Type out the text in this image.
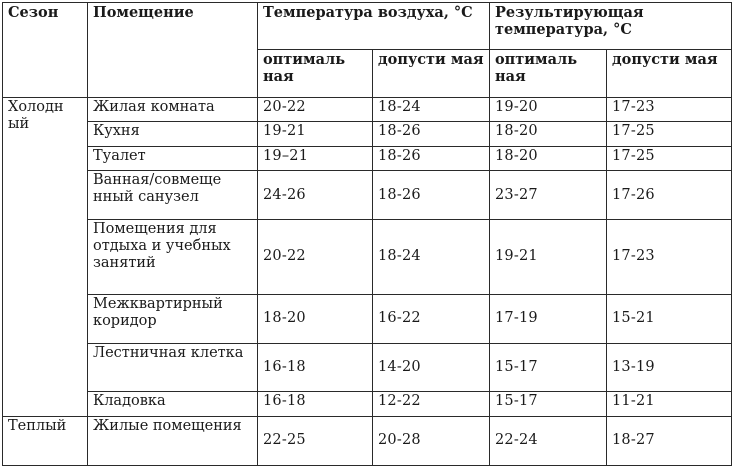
Сезон	Помещение	Температура воздуха, °С		Результирующая температура, °С	
		оптималь ная	допусти мая	оптималь ная	допусти мая
Холодн ый	Жилая комната	20-22	18-24	19-20	17-23
	Кухня	19-21	18-26	18-20	17-25
	Туалет	19–21	18-26	18-20	17-25
	Ванная/совмеще нный санузел	24-26	18-26	23-27	17-26
	Помещения для отдыха и учебных занятий	20-22	18-24	19-21	17-23
	Межквартирный коридор	18-20	16-22	17-19	15-21
	Лестничная клетка	16-18	14-20	15-17	13-19
	Кладовка	16-18	12-22	15-17	11-21
Теплый	Жилые помещения	22-25	20-28	22-24	18-27
